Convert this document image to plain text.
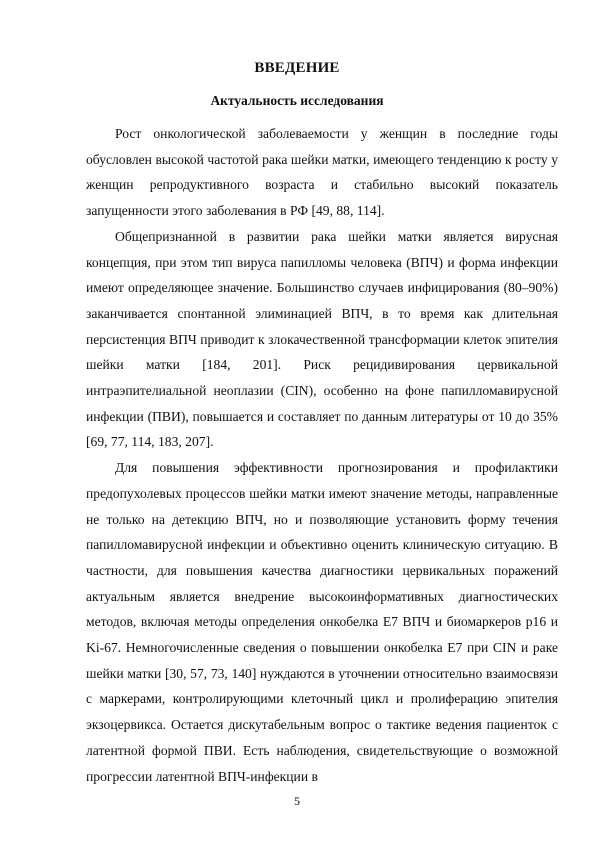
ВВЕДЕНИЕ
Актуальность исследования

Рост онкологической заболеваемости у женщин в последние годы обусловлен высокой частотой рака шейки матки, имеющего тенденцию к росту у женщин репродуктивного возраста и стабильно высокий показатель запущенности этого заболевания в РФ [49, 88, 114].

Общепризнанной в развитии рака шейки матки является вирусная концепция, при этом тип вируса папилломы человека (ВПЧ) и форма инфекции имеют определяющее значение. Большинство случаев инфицирования (80–90%) заканчивается спонтанной элиминацией ВПЧ, в то время как длительная персистенция ВПЧ приводит к злокачественной трансформации клеток эпителия шейки матки [184, 201]. Риск рецидивирования цервикальной интраэпителиальной неоплазии (CIN), особенно на фоне папилломавирусной инфекции (ПВИ), повышается и составляет по данным литературы от 10 до 35% [69, 77, 114, 183, 207].

Для повышения эффективности прогнозирования и профилактики предопухолевых процессов шейки матки имеют значение методы, направленные не только на детекцию ВПЧ, но и позволяющие установить форму течения папилломавирусной инфекции и объективно оценить клиническую ситуацию. В частности, для повышения качества диагностики цервикальных поражений актуальным является внедрение высокоинформативных диагностических методов, включая методы определения онкобелка E7 ВПЧ и биомаркеров p16 и Ki-67. Немногочисленные сведения о повышении онкобелка E7 при CIN и раке шейки матки [30, 57, 73, 140] нуждаются в уточнении относительно взаимосвязи с маркерами, контролирующими клеточный цикл и пролиферацию эпителия экзоцервикса. Остается дискутабельным вопрос о тактике ведения пациенток с латентной формой ПВИ. Есть наблюдения, свидетельствующие о возможной прогрессии латентной ВПЧ-инфекции в

5
